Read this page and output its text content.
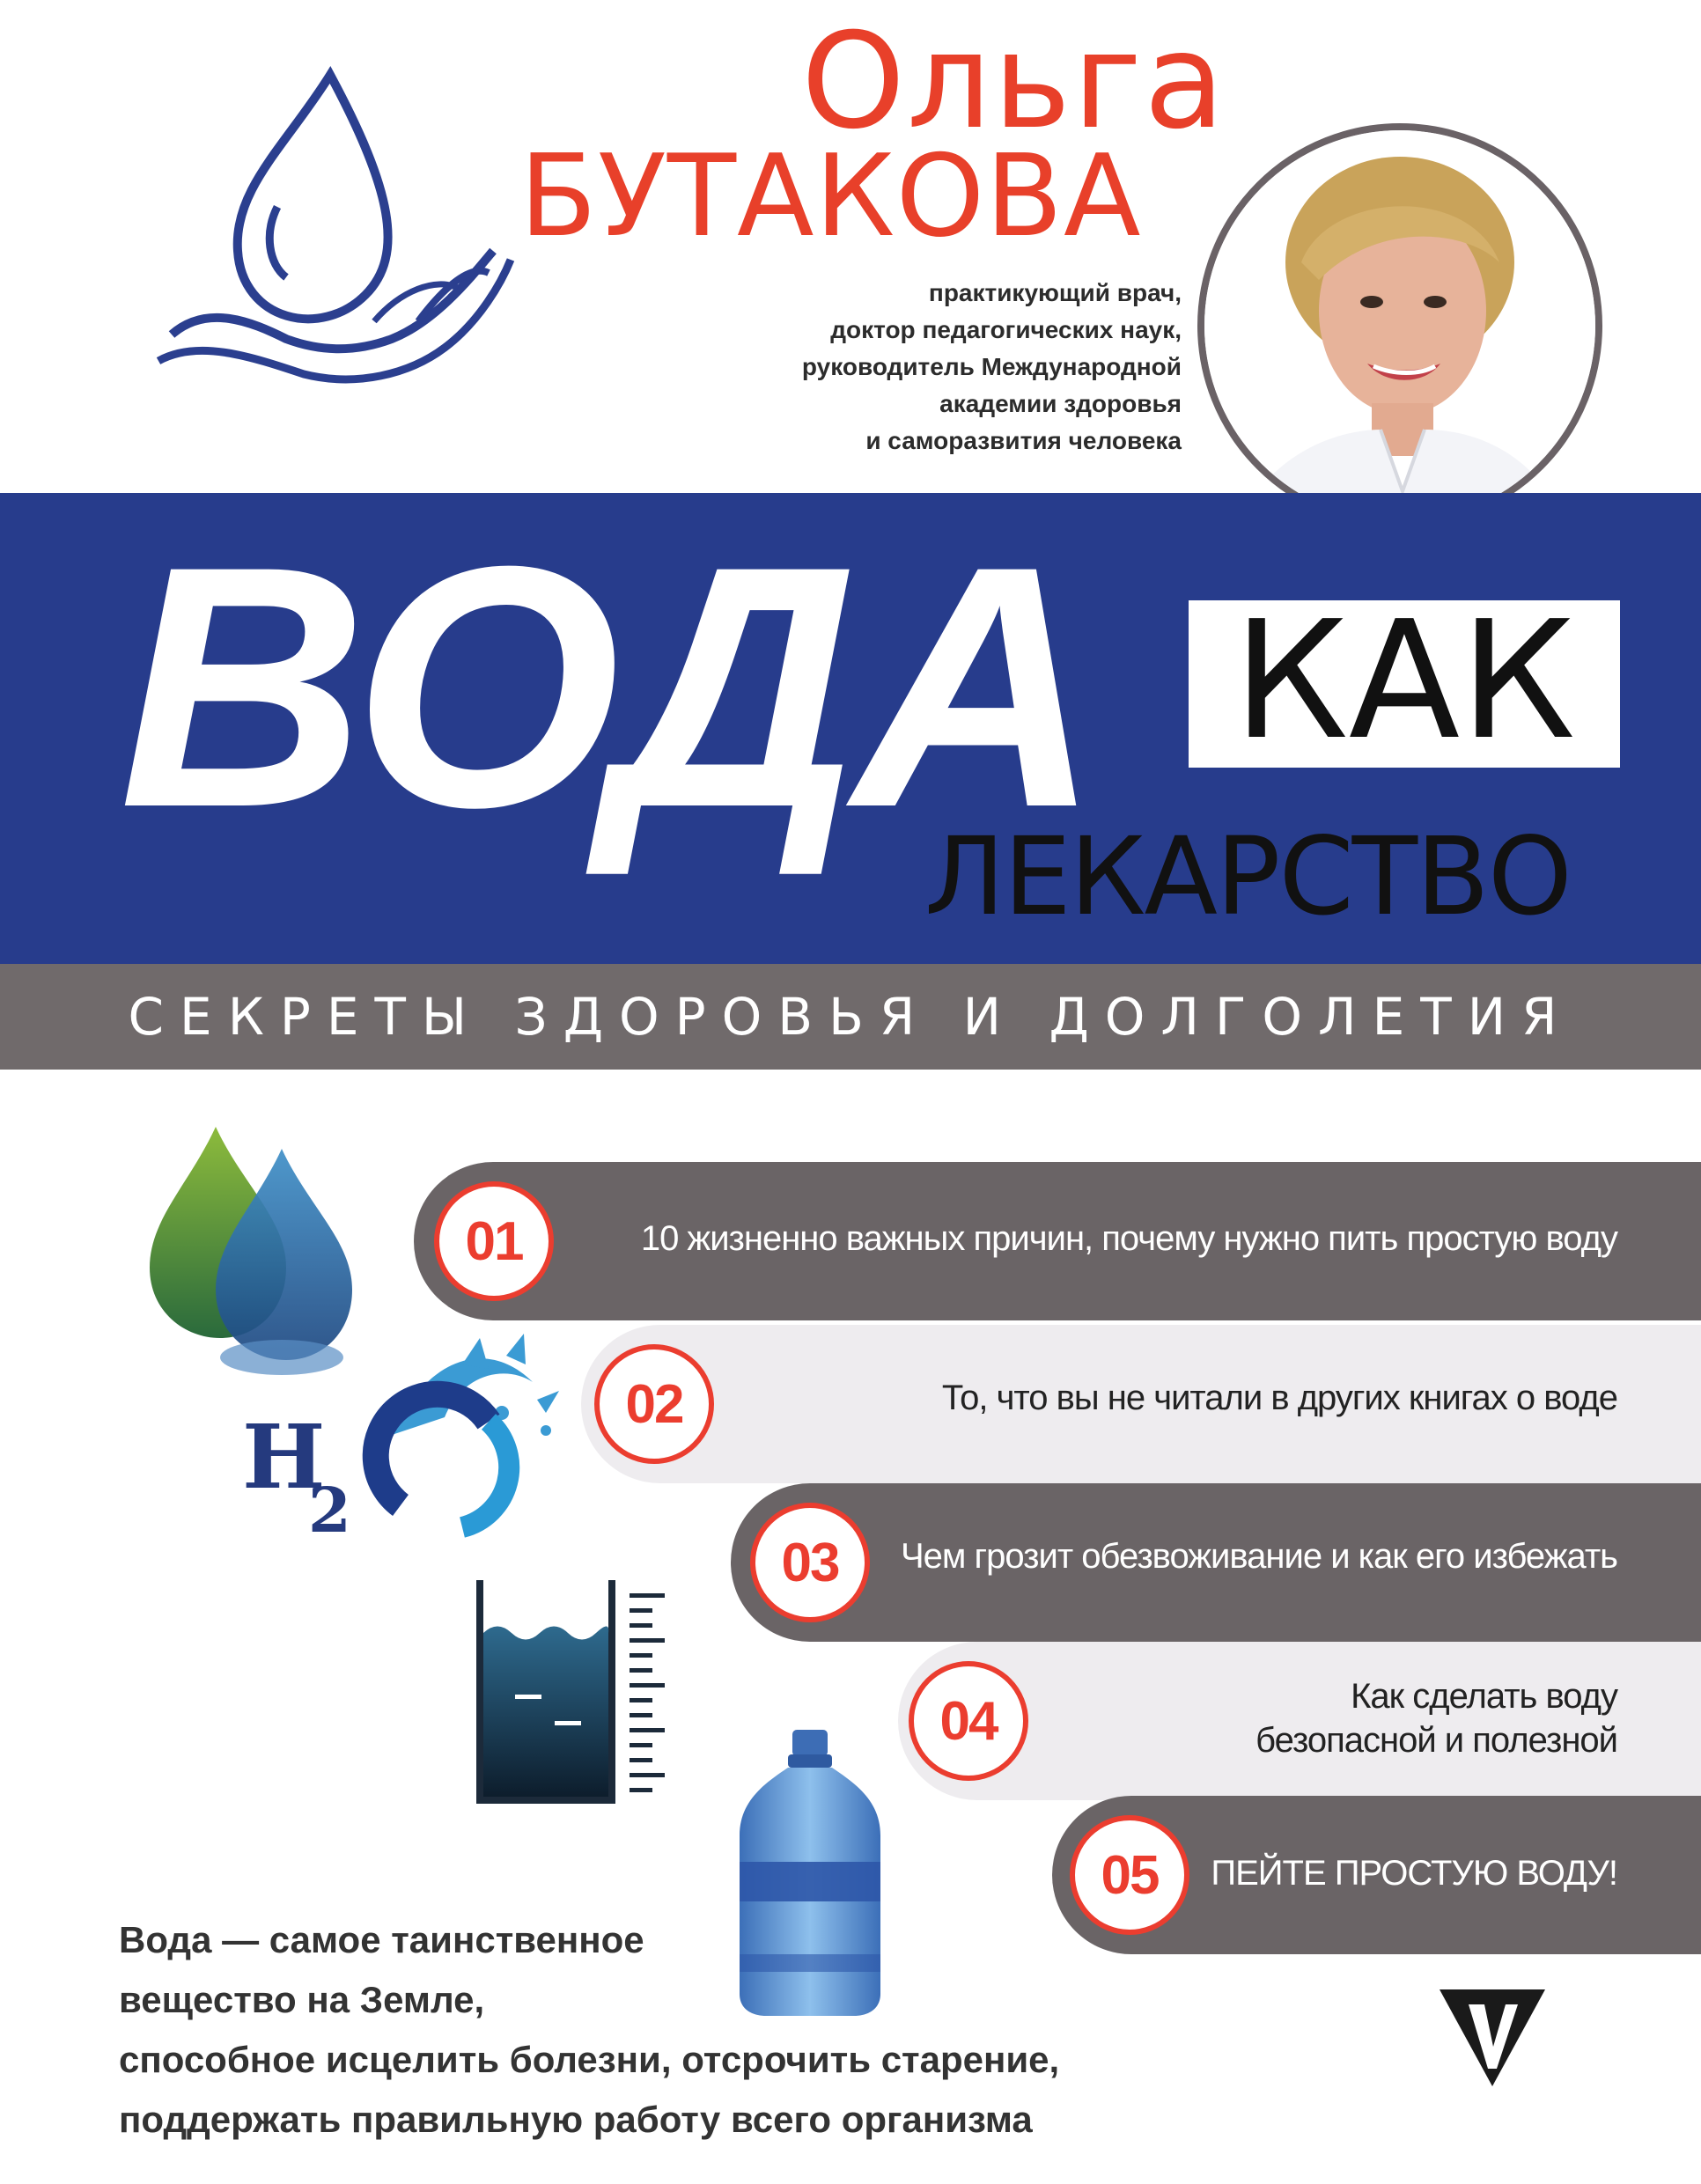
Ольга
БУТАКОВА
практикующий врач,
доктор педагогических наук,
руководитель Международной
академии здоровья
и саморазвития человека
ВОДА КАК
ЛЕКАРСТВО
СЕКРЕТЫ ЗДОРОВЬЯ И ДОЛГОЛЕТИЯ
H
2
01	10 жизненно важных причин, почему нужно пить простую воду
02	То, что вы не читали в других книгах о воде
03 Чем грозит обезвоживание и как его избежать
04	Как сделать воду
безопасной и полезной
05 ПЕЙТЕ ПРОСТУЮ ВОДУ!
Вода — самое таинственное
вещество на Земле,
способное исцелить болезни, отсрочить старение,
поддержать правильную работу всего организма
